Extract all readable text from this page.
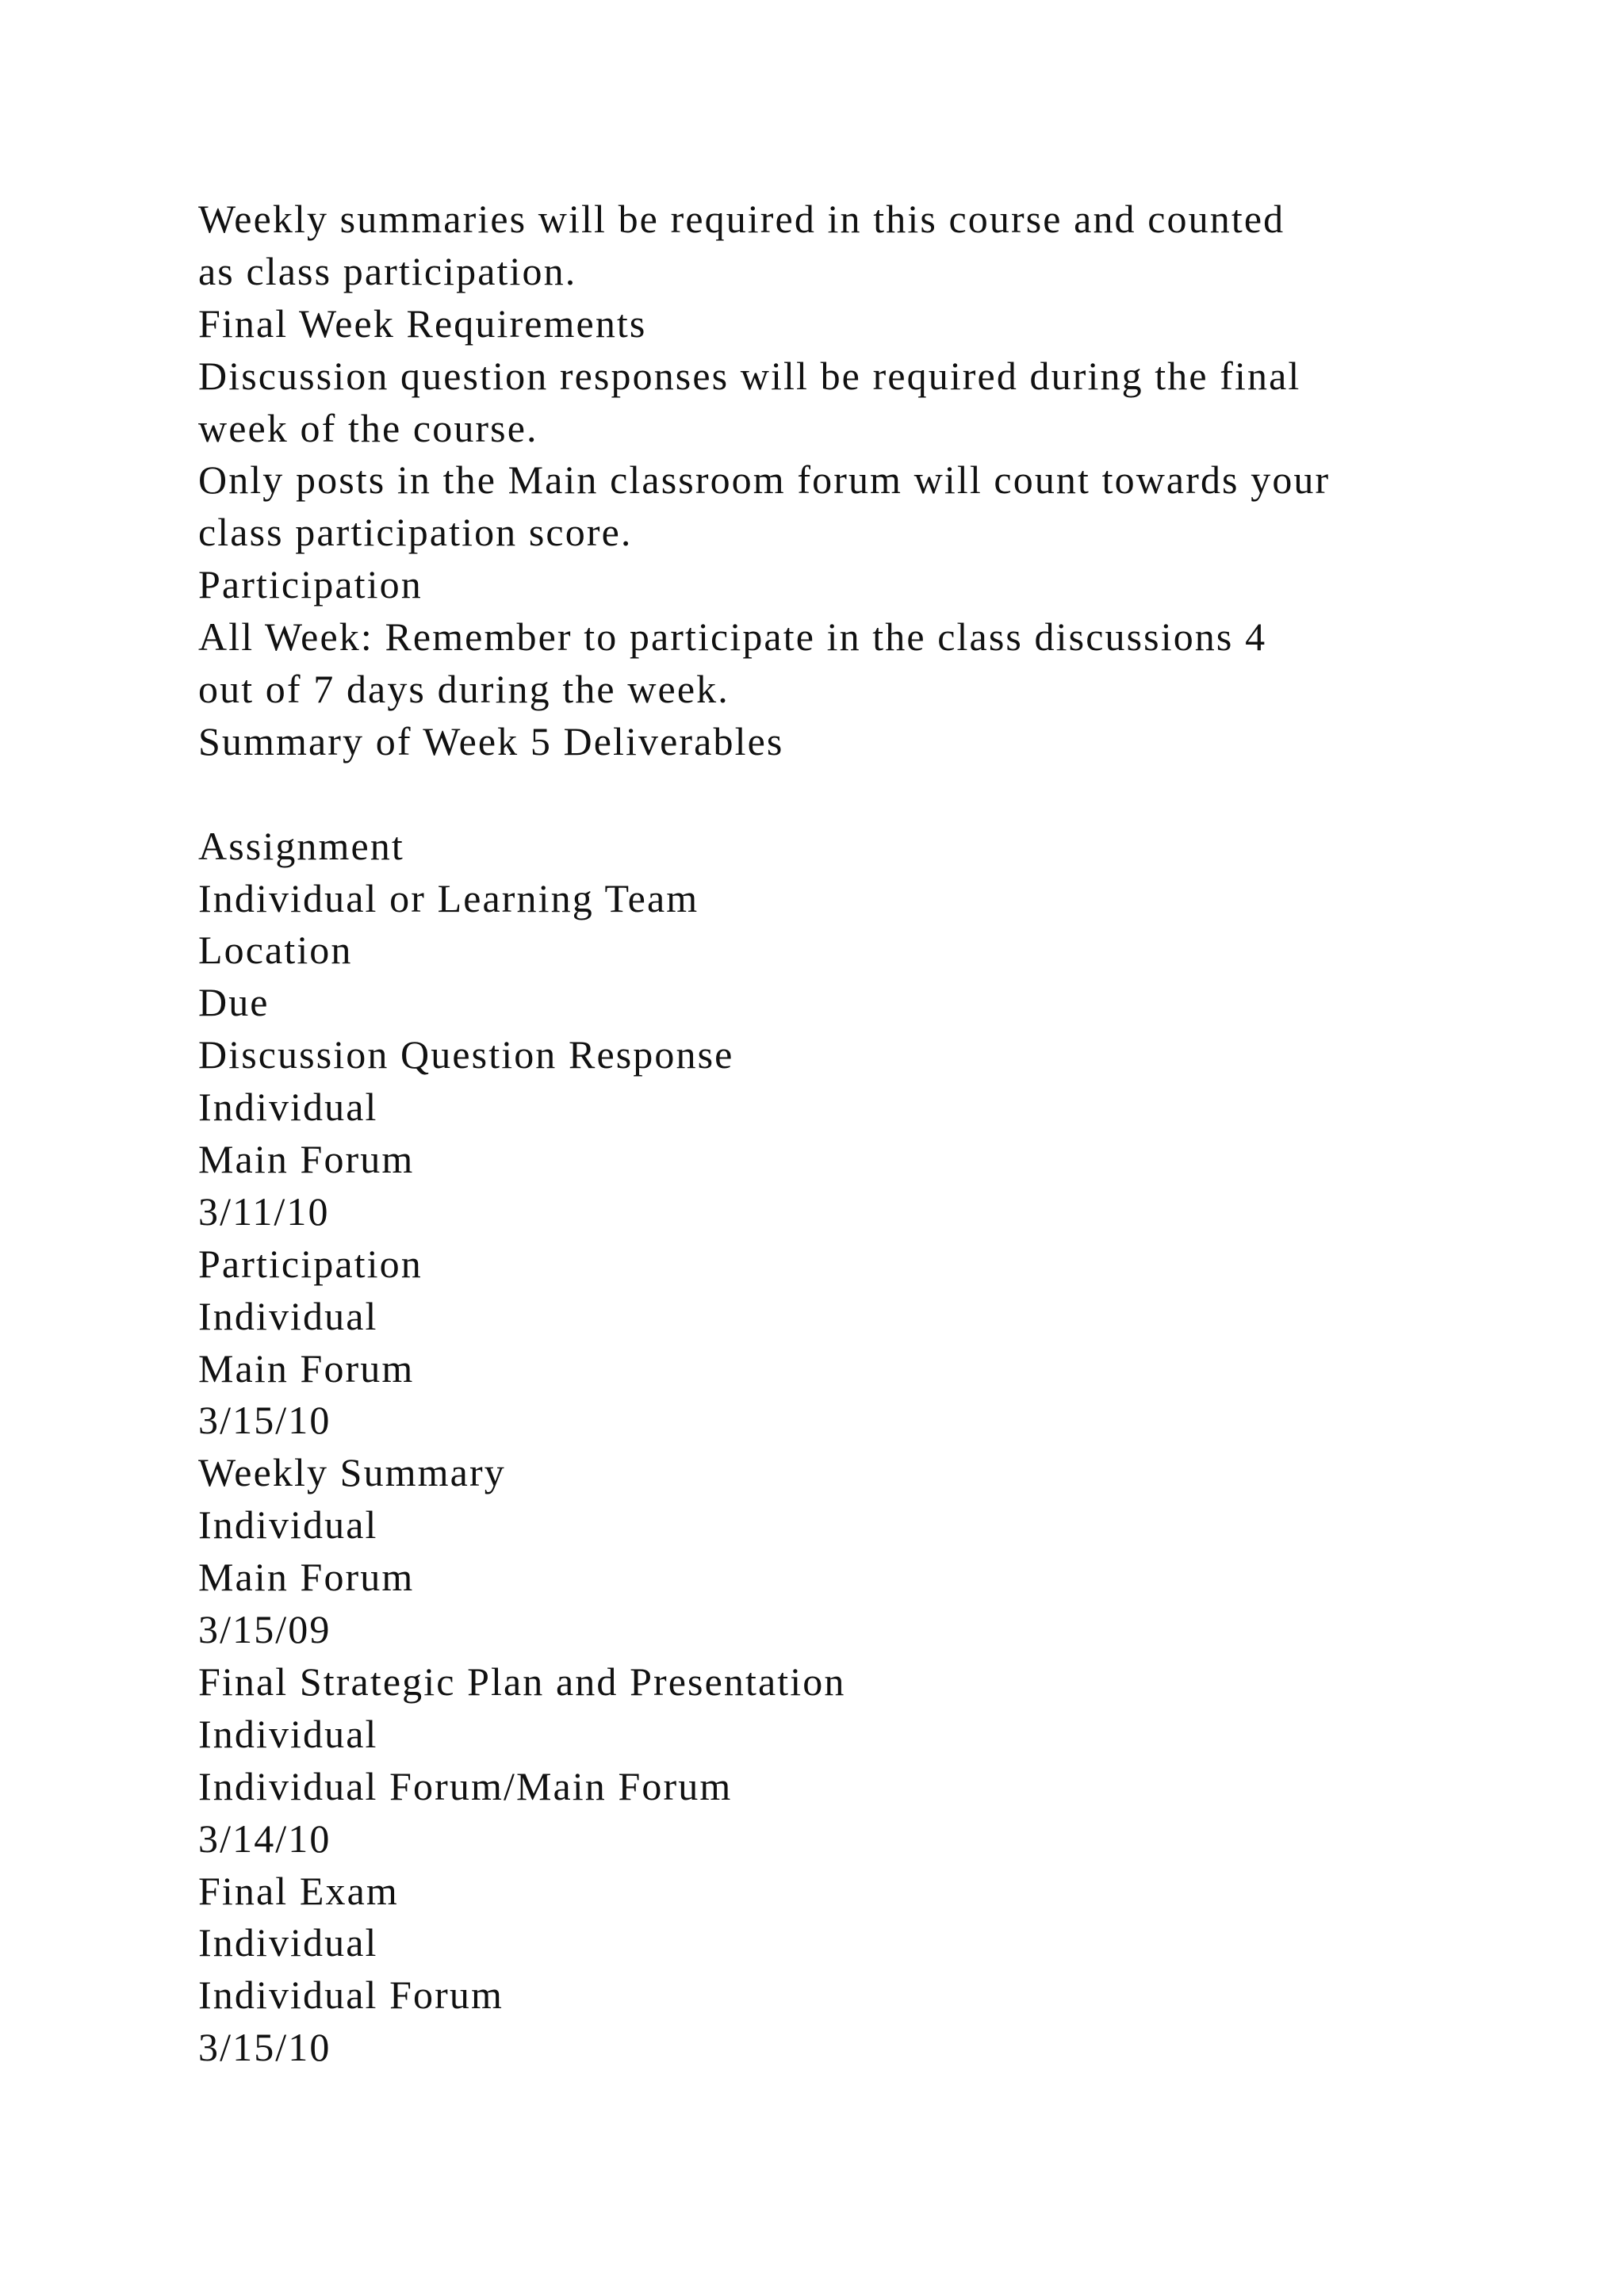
Weekly summaries will be required in this course and counted
as class participation.
Final Week Requirements
Discussion question responses will be required during the final
week of the course.
Only posts in the Main classroom forum will count towards your
class participation score.
Participation
All Week: Remember to participate in the class discussions 4
out of 7 days during the week.
Summary of Week 5 Deliverables
Assignment
Individual or Learning Team
Location
Due
Discussion Question Response
Individual
Main Forum
3/11/10
Participation
Individual
Main Forum
3/15/10
Weekly Summary
Individual
Main Forum
3/15/09
Final Strategic Plan and Presentation
Individual
Individual Forum/Main Forum
3/14/10
Final Exam
Individual
Individual Forum
3/15/10
